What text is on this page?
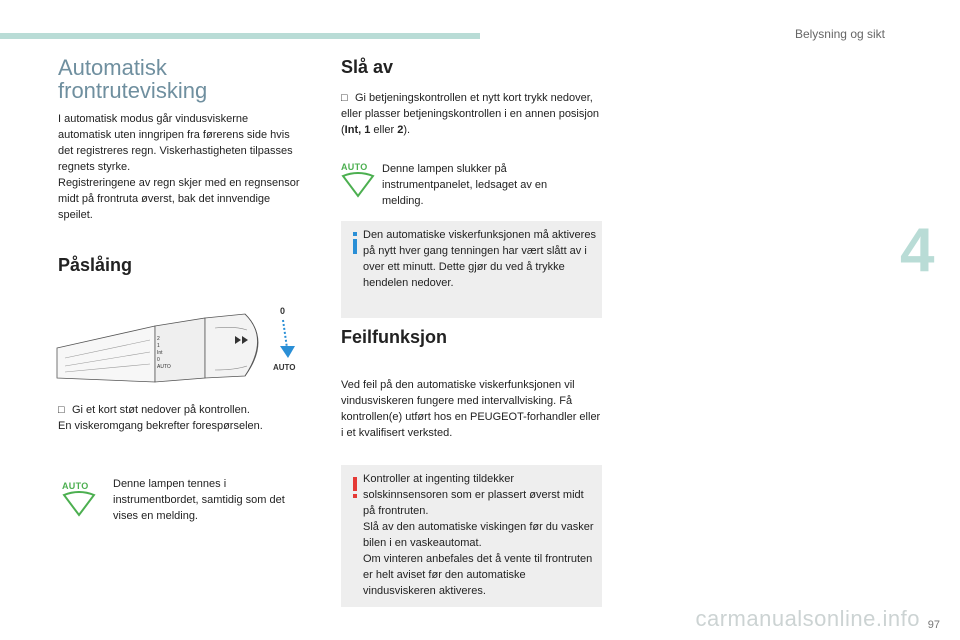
Belysning og sikt
4
Automatisk frontrutevisking
I automatisk modus går vindusviskerne automatisk uten inngripen fra førerens side hvis det registreres regn. Viskerhastigheten tilpasses regnets styrke.
Registreringene av regn skjer med en regnsensor midt på frontruta øverst, bak det innvendige speilet.
Påslåing
2
1
Int
0
AUTO
0
AUTO
□ Gi et kort støt nedover på kontrollen.
En viskeromgang bekrefter forespørselen.
AUTO	Denne lampen tennes i instrumentbordet, samtidig som det vises en melding.
Slå av
□ Gi betjeningskontrollen et nytt kort trykk nedover, eller plasser betjeningskontrollen i en annen posisjon (Int, 1 eller 2).
AUTO	Denne lampen slukker på instrumentpanelet, ledsaget av en melding.
Den automatiske viskerfunksjonen må aktiveres på nytt hver gang tenningen har vært slått av i over ett minutt. Dette gjør du ved å trykke hendelen nedover.
Feilfunksjon
Ved feil på den automatiske viskerfunksjonen vil vindusviskeren fungere med intervallvisking. Få kontrollen(e) utført hos en PEUGEOT-forhandler eller i et kvalifisert verksted.
Kontroller at ingenting tildekker solskinnsensoren som er plassert øverst midt på frontruten.
Slå av den automatiske viskingen før du vasker bilen i en vaskeautomat.
Om vinteren anbefales det å vente til frontruten er helt aviset før den automatiske vindusviskeren aktiveres.
carmanualsonline.info 97
